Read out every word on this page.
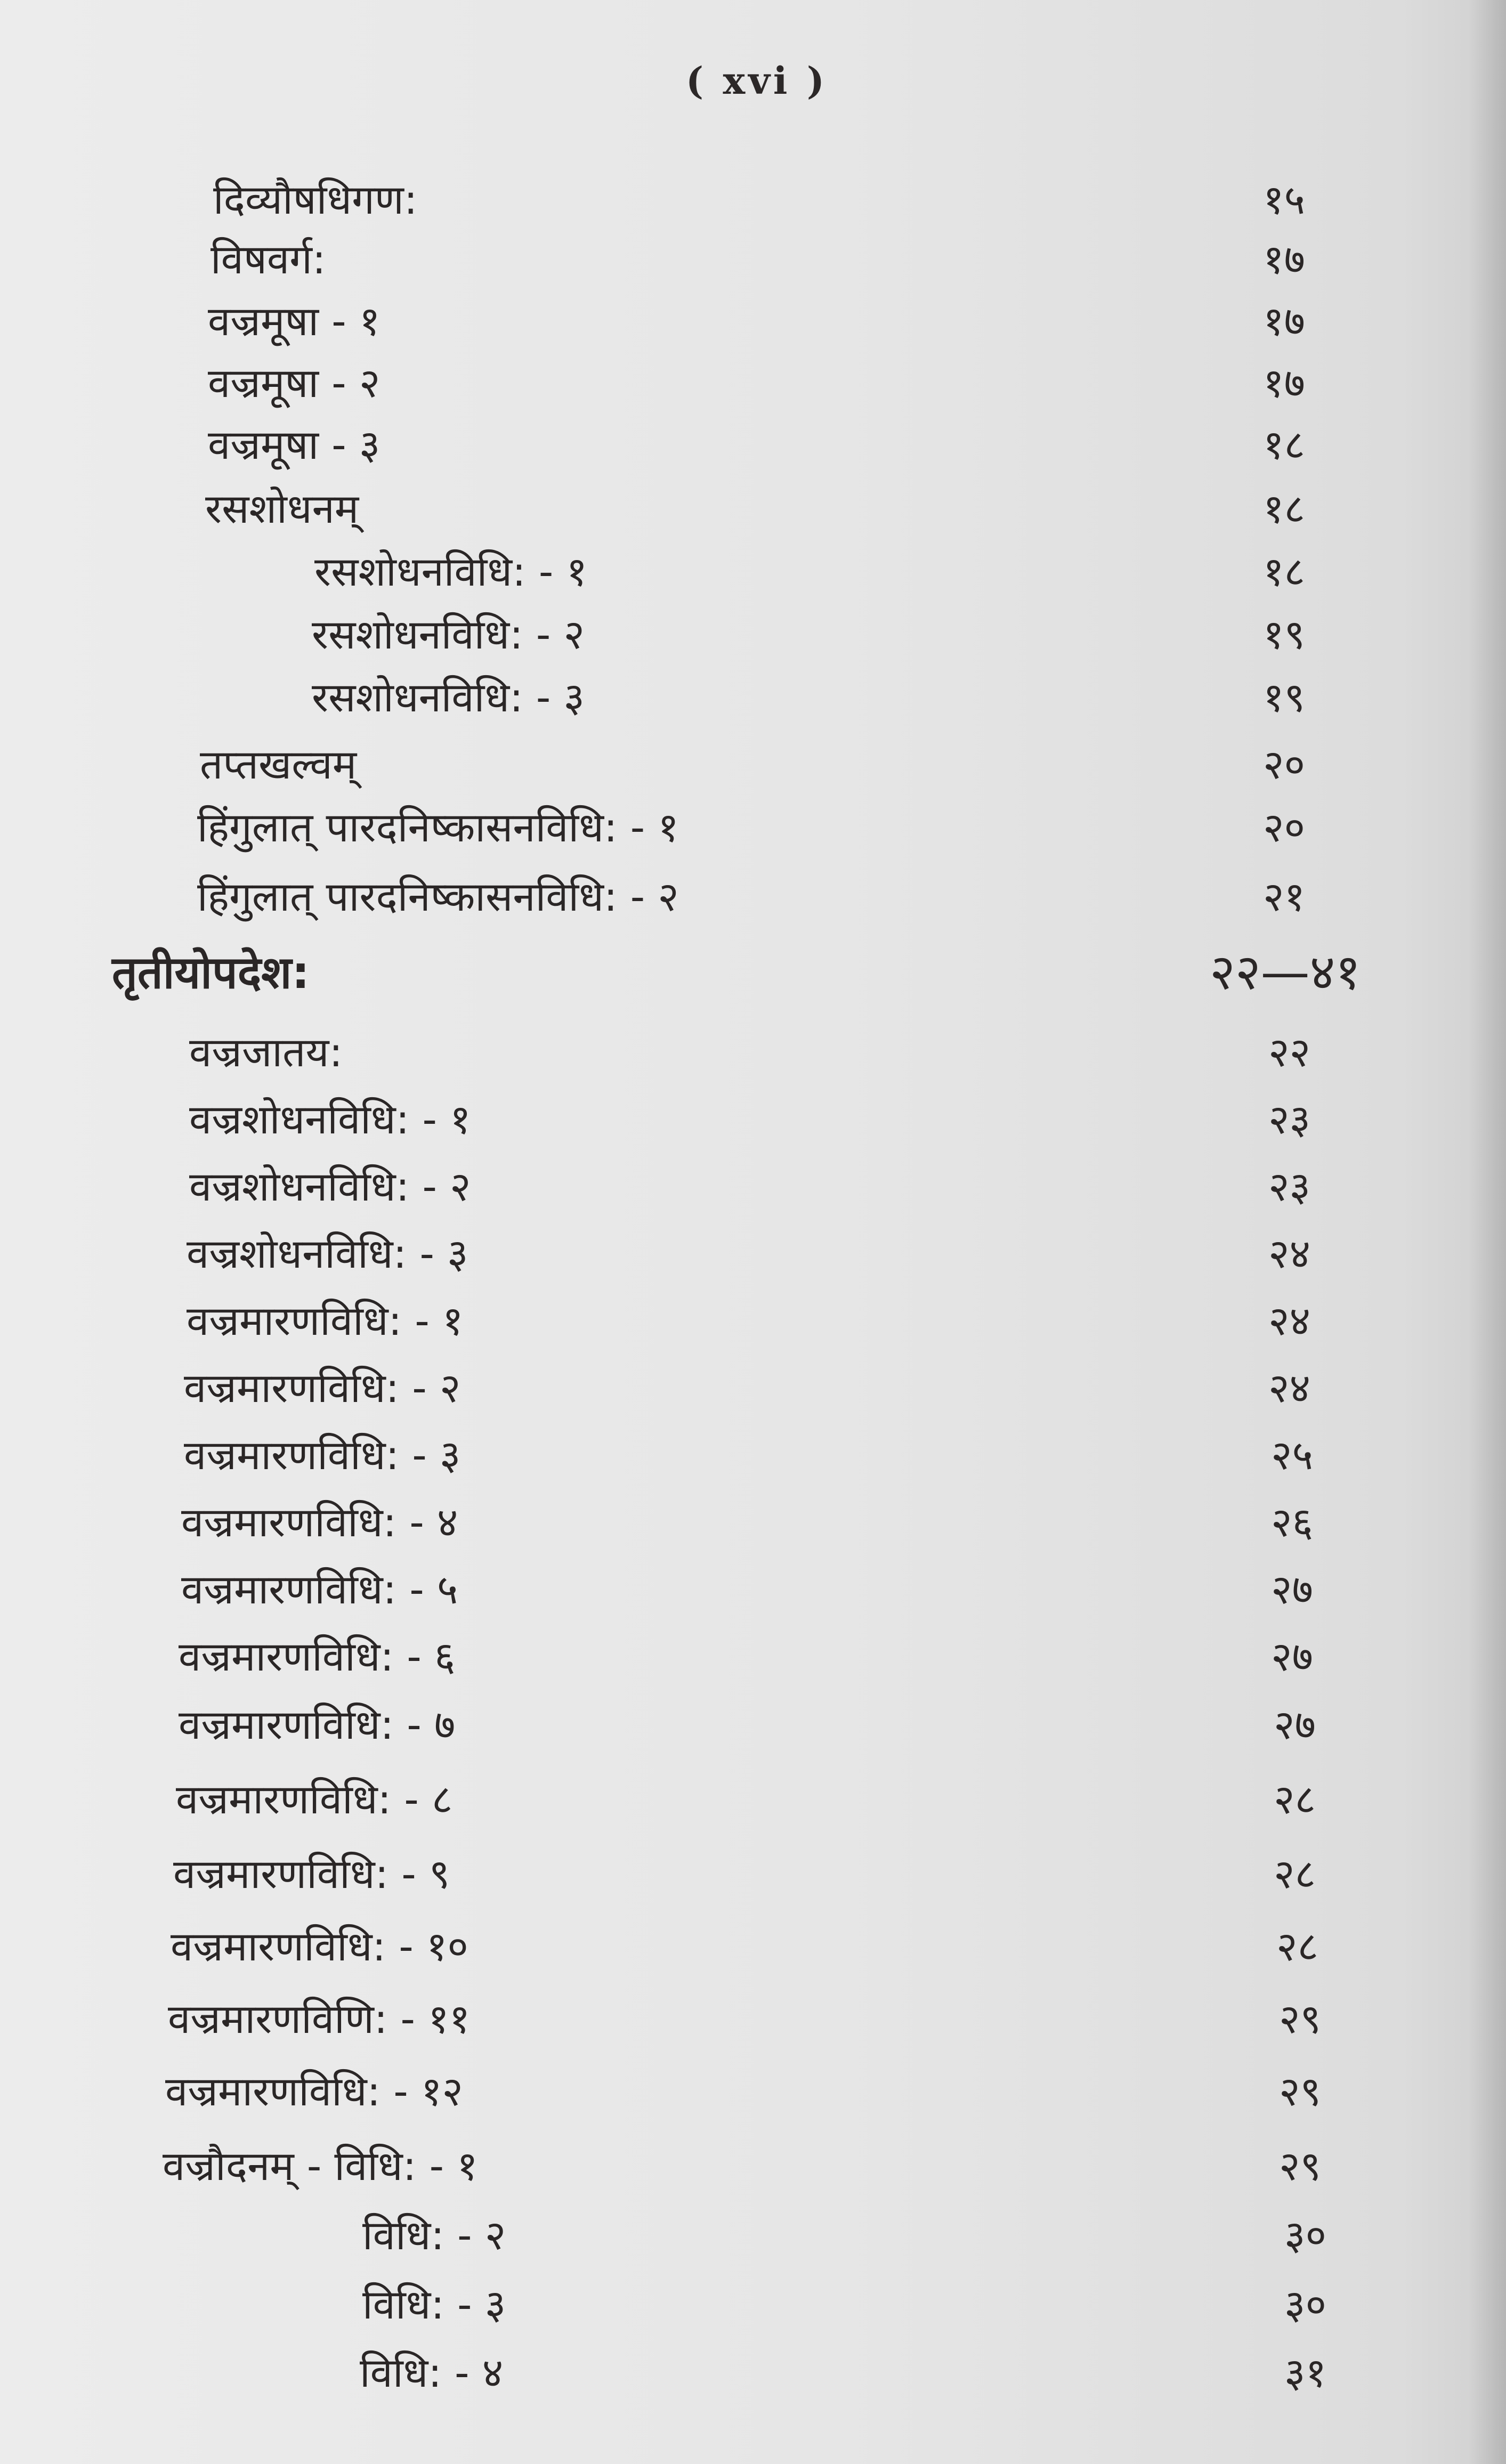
( xvi )
दिव्यौषधिगण:	१५
विषवर्ग:	१७
वज्रमूषा - १	१७
वज्रमूषा - २	१७
वज्रमूषा - ३	१८
रसशोधनम्	१८
रसशोधनविधि: - १	१८
रसशोधनविधि: - २	१९
रसशोधनविधि: - ३	१९
तप्तखल्वम्	२०
हिंगुलात् पारदनिष्कासनविधि: - १	२०
हिंगुलात् पारदनिष्कासनविधि: - २	२१
तृतीयोपदेश:	२२—४१
वज्रजातय:	२२
वज्रशोधनविधि: - १	२३
वज्रशोधनविधि: - २	२३
वज्रशोधनविधि: - ३	२४
वज्रमारणविधि: - १	२४
वज्रमारणविधि: - २	२४
वज्रमारणविधि: - ३	२५
वज्रमारणविधि: - ४	२६
वज्रमारणविधि: - ५	२७
वज्रमारणविधि: - ६	२७
वज्रमारणविधि: - ७	२७
वज्रमारणविधि: - ८	२८
वज्रमारणविधि: - ९	२८
वज्रमारणविधि: - १०	२८
वज्रमारणविणि: - ११	२९
वज्रमारणविधि: - १२	२९
वज्रौदनम् - विधि: - १	२९
विधि: - २	३०
विधि: - ३	३०
विधि: - ४	३१
